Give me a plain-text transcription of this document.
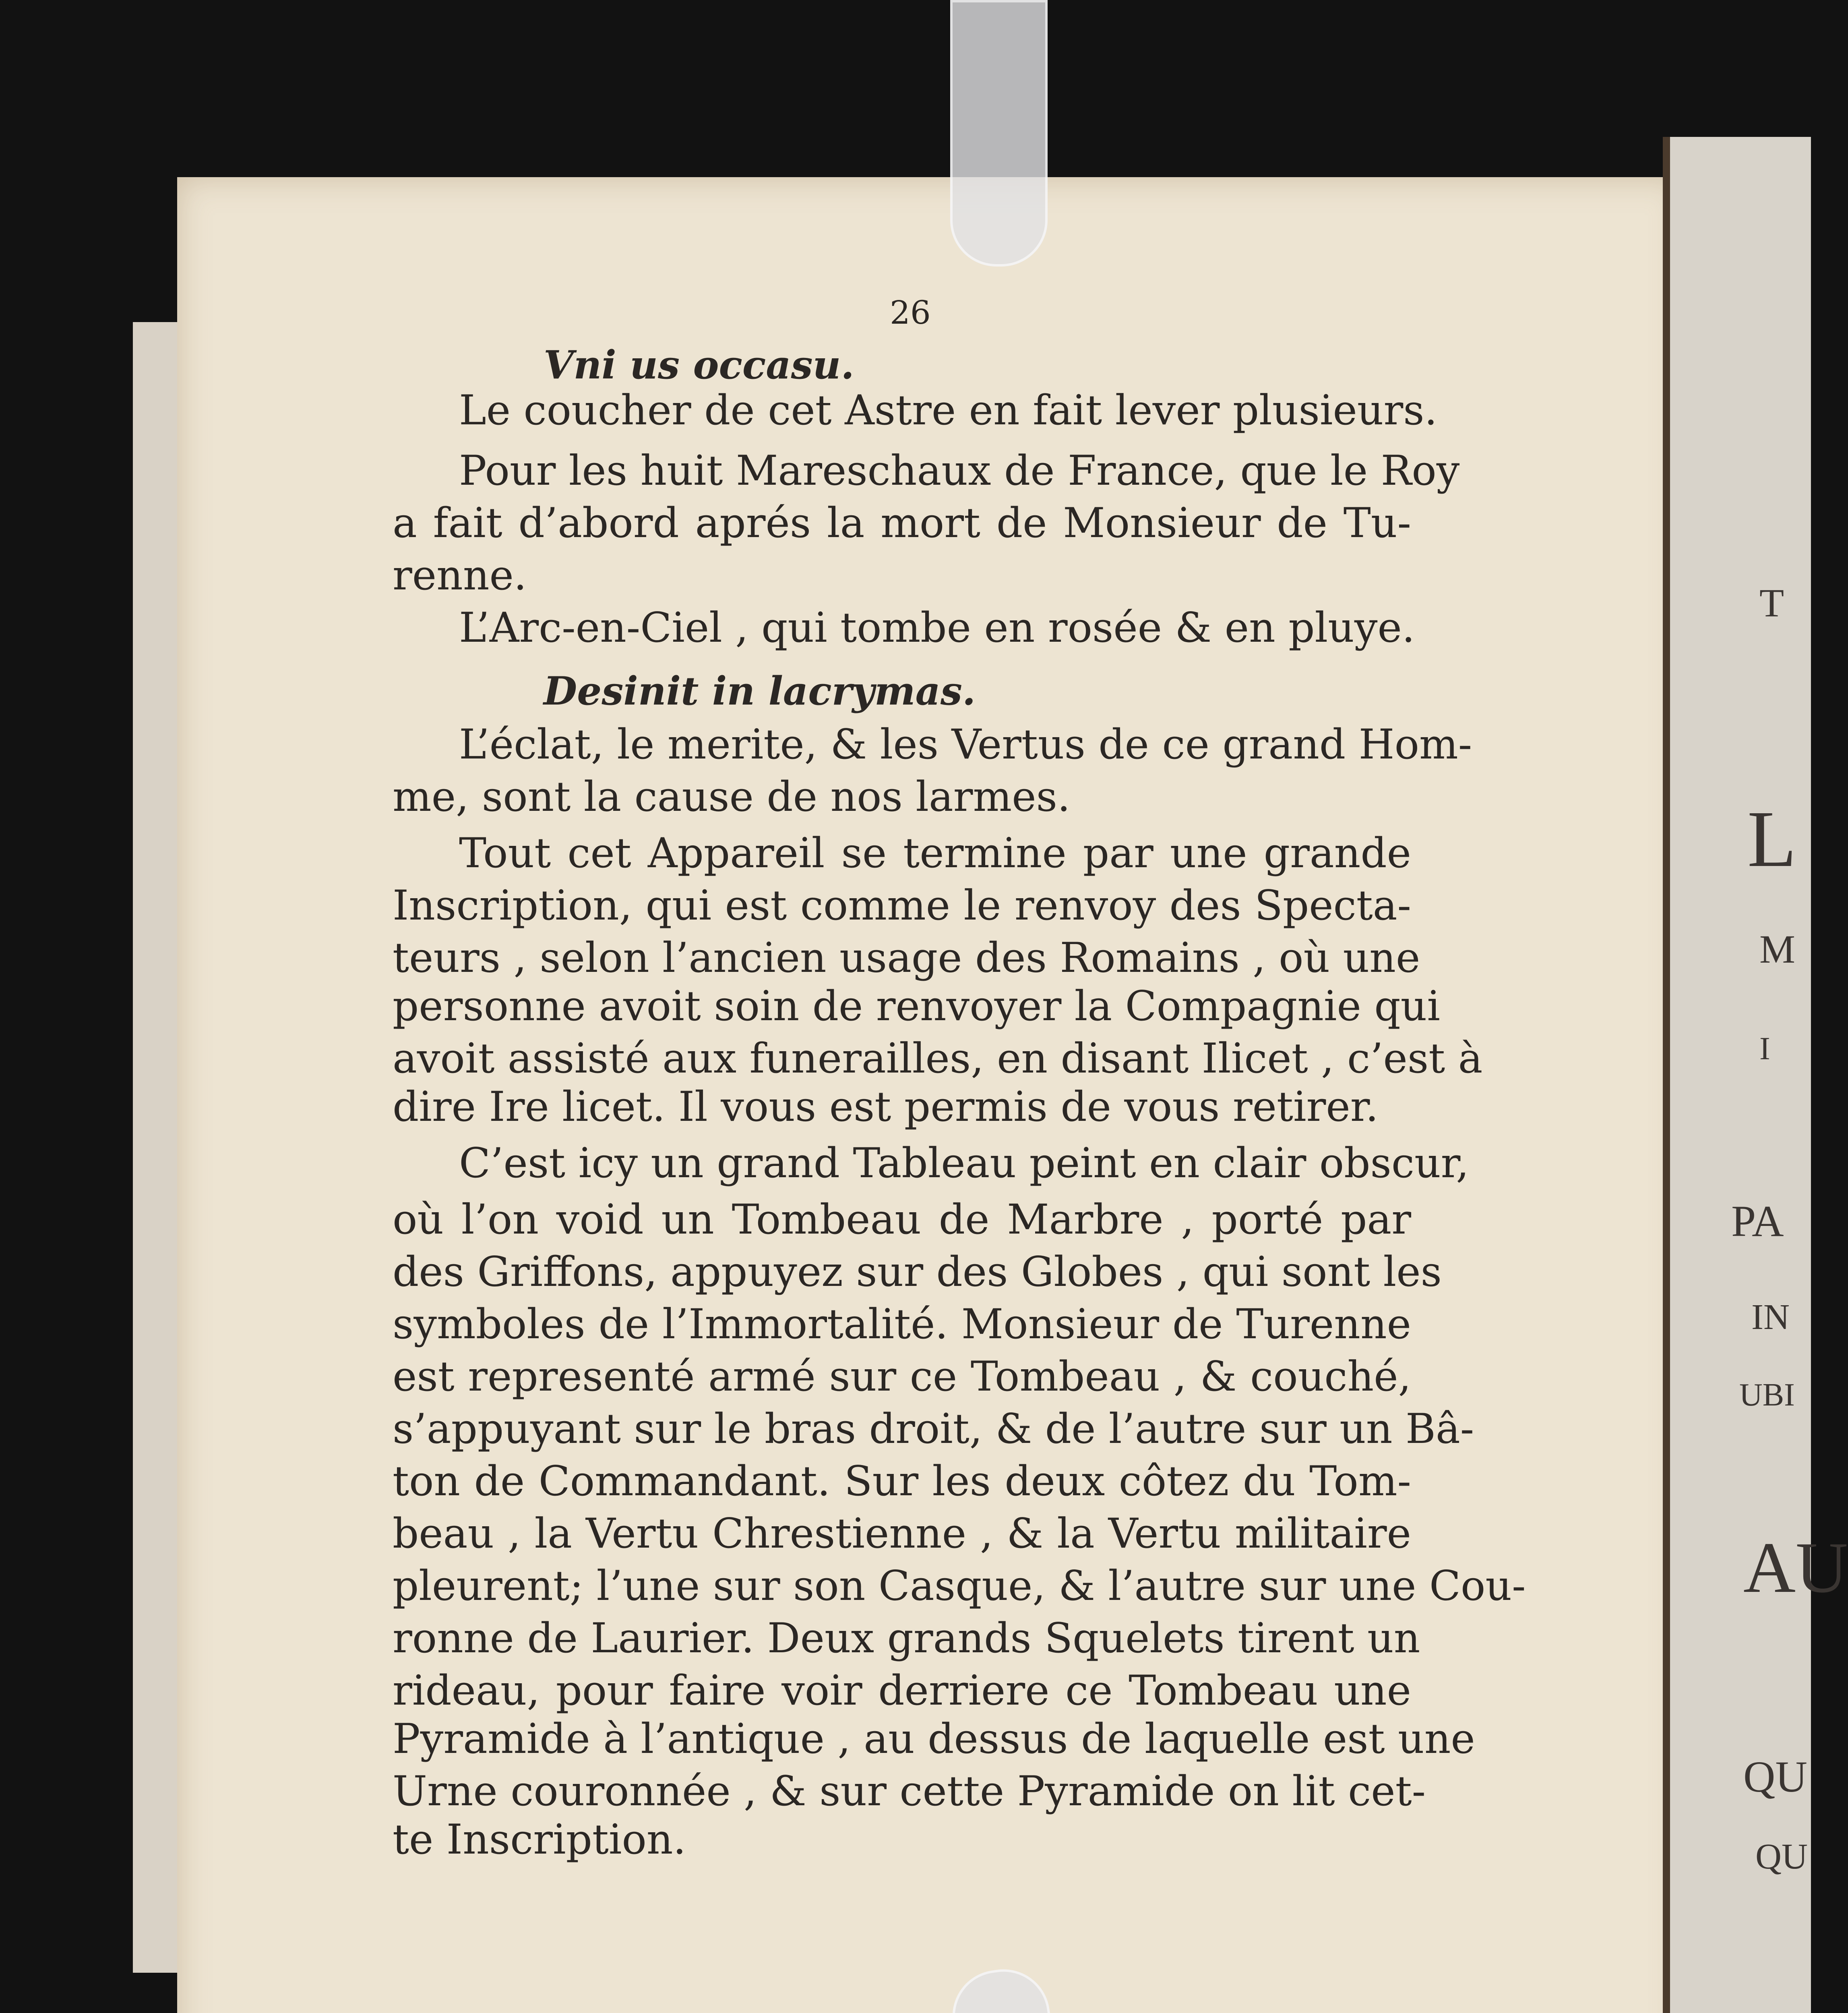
T
L
M
I
PA
IN
UBI
AU
QU
QU
26
Vni us occasu.
Le coucher de cet Astre en fait lever plusieurs.
Pour les huit Mareschaux de France, que le Roy
a fait d’abord aprés la mort de Monsieur de Tu-
renne.
L’Arc-en-Ciel , qui tombe en rosée & en pluye.
Desinit in lacrymas.
L’éclat, le merite, & les Vertus de ce grand Hom-
me, sont la cause de nos larmes.
Tout cet Appareil se termine par une grande
Inscription, qui est comme le renvoy des Specta-
teurs , selon l’ancien usage des Romains , où une
personne avoit soin de renvoyer la Compagnie qui
avoit assisté aux funerailles, en disant Ilicet , c’est à
dire Ire licet. Il vous est permis de vous retirer.
C’est icy un grand Tableau peint en clair obscur,
où l’on void un Tombeau de Marbre , porté par
des Griffons, appuyez sur des Globes , qui sont les
symboles de l’Immortalité. Monsieur de Turenne
est representé armé sur ce Tombeau , & couché,
s’appuyant sur le bras droit, & de l’autre sur un Bâ-
ton de Commandant. Sur les deux côtez du Tom-
beau , la Vertu Chrestienne , & la Vertu militaire
pleurent; l’une sur son Casque, & l’autre sur une Cou-
ronne de Laurier. Deux grands Squelets tirent un
rideau, pour faire voir derriere ce Tombeau une
Pyramide à l’antique , au dessus de laquelle est une
Urne couronnée , & sur cette Pyramide on lit cet-
te Inscription.
